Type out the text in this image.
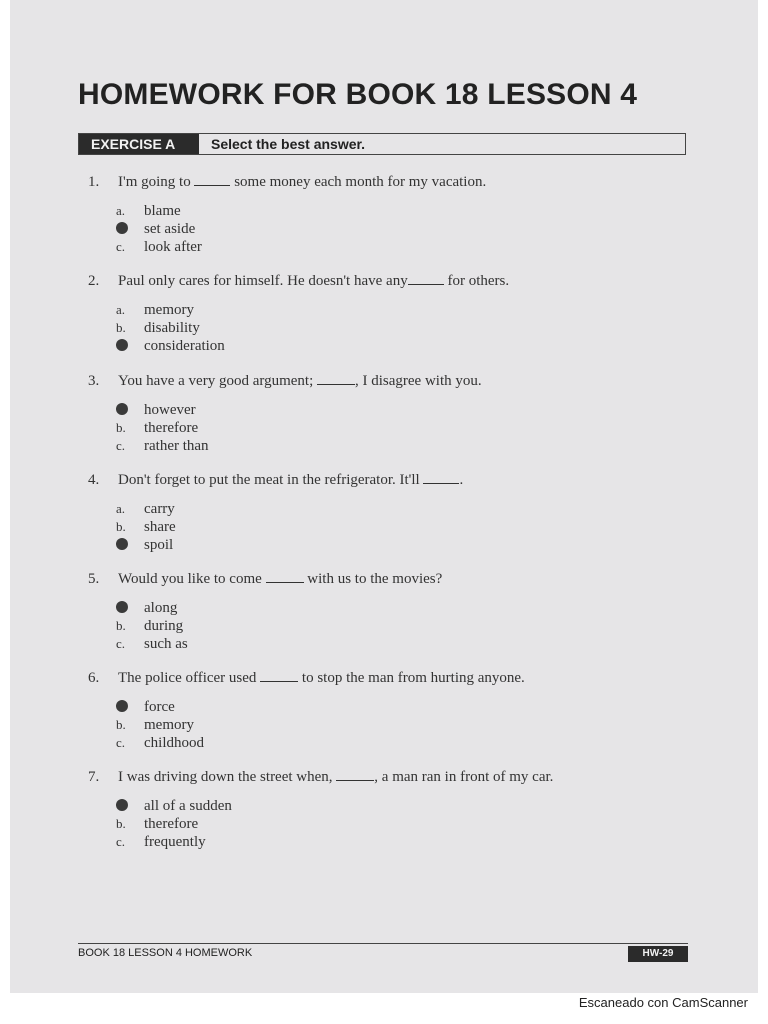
HOMEWORK FOR BOOK 18 LESSON 4
EXERCISE A	Select the best answer.
1. I'm going to  some money each month for my vacation.
a. blame
set aside
c. look after
2. Paul only cares for himself. He doesn't have any for others.
a. memory
b. disability
consideration
3. You have a very good argument;	, I disagree with you.
however
b. therefore
c. rather than
4. Don't forget to put the meat in the refrigerator. It'll .
a. carry
b. share
spoil
5. Would you like to come	with us to the movies?
along
b. during
c. such as
6. The police officer used	to stop the man from hurting anyone.
force
b. memory
c. childhood
7. I was driving down the street when,	, a man ran in front of my car.
all of a sudden
b. therefore
c. frequently
BOOK 18 LESSON 4 HOMEWORK	HW-29
Escaneado con CamScanner
